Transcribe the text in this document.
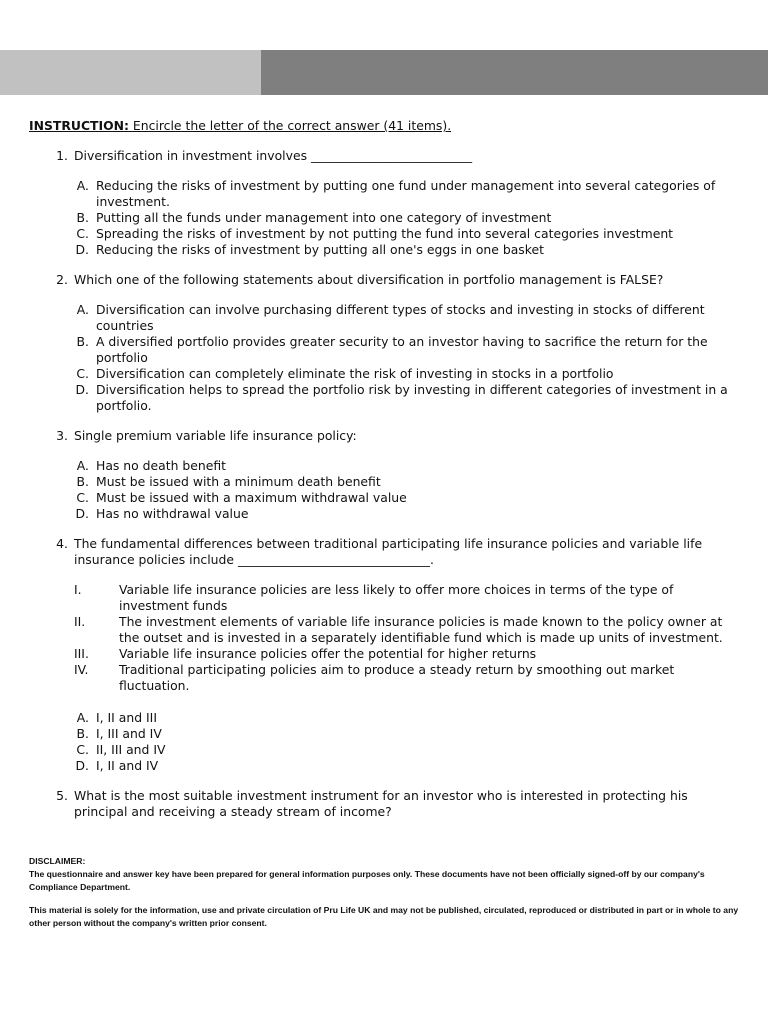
INSTRUCTION: Encircle the letter of the correct answer (41 items).

1. Diversification in investment involves __________________________
A. Reducing the risks of investment by putting one fund under management into several categories of investment.
B. Putting all the funds under management into one category of investment
C. Spreading the risks of investment by not putting the fund into several categories investment
D. Reducing the risks of investment by putting all one's eggs in one basket
2. Which one of the following statements about diversification in portfolio management is FALSE?
A. Diversification can involve purchasing different types of stocks and investing in stocks of different countries
B. A diversified portfolio provides greater security to an investor having to sacrifice the return for the portfolio
C. Diversification can completely eliminate the risk of investing in stocks in a portfolio
D. Diversification helps to spread the portfolio risk by investing in different categories of investment in a portfolio.
3. Single premium variable life insurance policy:
A. Has no death benefit
B. Must be issued with a minimum death benefit
C. Must be issued with a maximum withdrawal value
D. Has no withdrawal value
4. The fundamental differences between traditional participating life insurance policies and variable life insurance policies include _______________________________.
I.	Variable life insurance policies are less likely to offer more choices in terms of the type of investment funds
II.	The investment elements of variable life insurance policies is made known to the policy owner at the outset and is invested in a separately identifiable fund which is made up units of investment.
III.	Variable life insurance policies offer the potential for higher returns
IV.	Traditional participating policies aim to produce a steady return by smoothing out market fluctuation.
A. I, II and III
B. I, III and IV
C. II, III and IV
D. I, II and IV
5. What is the most suitable investment instrument for an investor who is interested in protecting his principal and receiving a steady stream of income?

DISCLAIMER:

The questionnaire and answer key have been prepared for general information purposes only. These documents have not been officially signed-off by our company's Compliance Department.

This material is solely for the information, use and private circulation of Pru Life UK and may not be published, circulated, reproduced or distributed in part or in whole to any other person without the company's written prior consent.
